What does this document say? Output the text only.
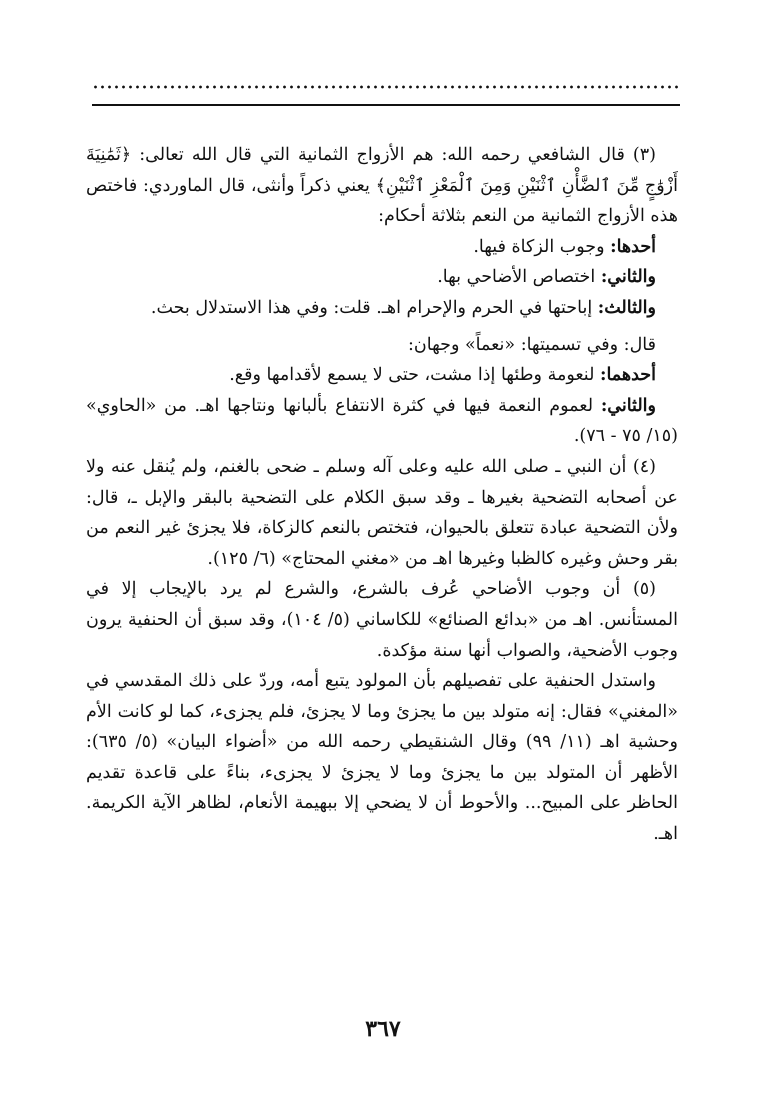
(٣) قال الشافعي رحمه الله: هم الأزواج الثمانية التي قال الله تعالى: ﴿ثَمَٰنِيَةَ أَزْوَٰجٍ مِّنَ ٱلضَّأْنِ ٱثْنَيْنِ وَمِنَ ٱلْمَعْزِ ٱثْنَيْنِ﴾ يعني ذكراً وأنثى، قال الماوردي: فاختص هذه الأزواج الثمانية من النعم بثلاثة أحكام:

أحدها: وجوب الزكاة فيها.

والثاني: اختصاص الأضاحي بها.

والثالث: إباحتها في الحرم والإحرام اهـ. قلت: وفي هذا الاستدلال بحث.

قال: وفي تسميتها: «نعماً» وجهان:

أحدهما: لنعومة وطئها إذا مشت، حتى لا يسمع لأقدامها وقع.

والثاني: لعموم النعمة فيها في كثرة الانتفاع بألبانها ونتاجها اهـ. من «الحاوي» (١٥/ ٧٥ - ٧٦).

(٤) أن النبي ـ صلى الله عليه وعلى آله وسلم ـ ضحى بالغنم، ولم يُنقل عنه ولا عن أصحابه التضحية بغيرها ـ وقد سبق الكلام على التضحية بالبقر والإبل ـ، قال: ولأن التضحية عبادة تتعلق بالحيوان، فتختص بالنعم كالزكاة، فلا يجزئ غير النعم من بقر وحش وغيره كالظبا وغيرها اهـ من «مغني المحتاج» (٦/ ١٢٥).

(٥) أن وجوب الأضاحي عُرف بالشرع، والشرع لم يرد بالإيجاب إلا في المستأنس. اهـ من «بدائع الصنائع» للكاساني (٥/ ١٠٤)، وقد سبق أن الحنفية يرون وجوب الأضحية، والصواب أنها سنة مؤكدة.

واستدل الحنفية على تفصيلهم بأن المولود يتبع أمه، وردّ على ذلك المقدسي في «المغني» فقال: إنه متولد بين ما يجزئ وما لا يجزئ، فلم يجزىء، كما لو كانت الأم وحشية اهـ (١١/ ٩٩) وقال الشنقيطي رحمه الله من «أضواء البيان» (٥/ ٦٣٥): الأظهر أن المتولد بين ما يجزئ وما لا يجزئ لا يجزىء، بناءً على قاعدة تقديم الحاظر على المبيح... والأحوط أن لا يضحي إلا ببهيمة الأنعام، لظاهر الآية الكريمة. اهـ.

٣٦٧
